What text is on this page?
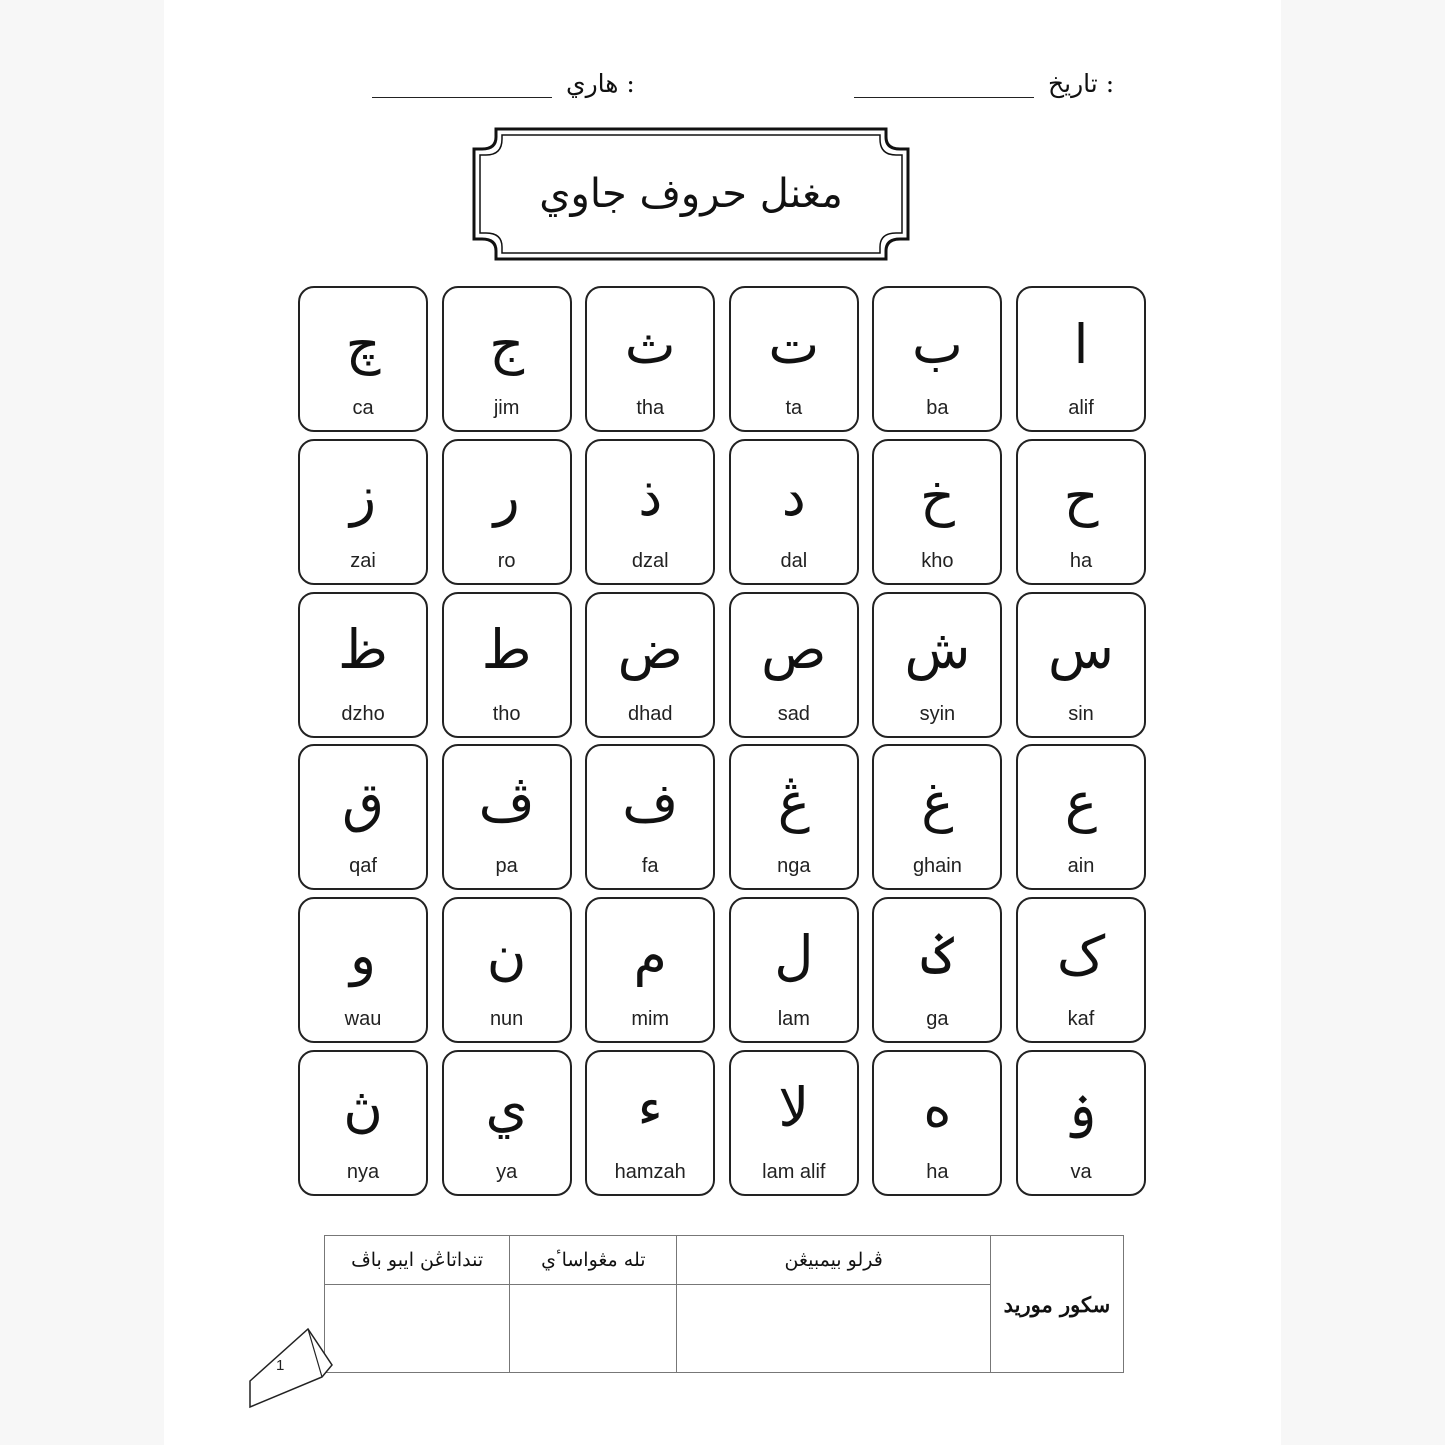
تاريخ :
هاري :
مغنل حروف جاوي
ا
alif
ب
ba
ت
ta
ث
tha
ج
jim
چ
ca
ح
ha
خ
kho
د
dal
ذ
dzal
ر
ro
ز
zai
س
sin
ش
syin
ص
sad
ض
dhad
ط
tho
ظ
dzho
ع
ain
غ
ghain
ڠ
nga
ف
fa
ڤ
pa
ق
qaf
ک
kaf
ݢ
ga
ل
lam
م
mim
ن
nun
و
wau
ۏ
va
ه
ha
لا
lam alif
ء
hamzah
ي
ya
ڽ
nya
سکور موريد	ڤرلو بيمبيڠن	تله مڠواساٴي	تنداتاڠن ايبو باڤ

1
